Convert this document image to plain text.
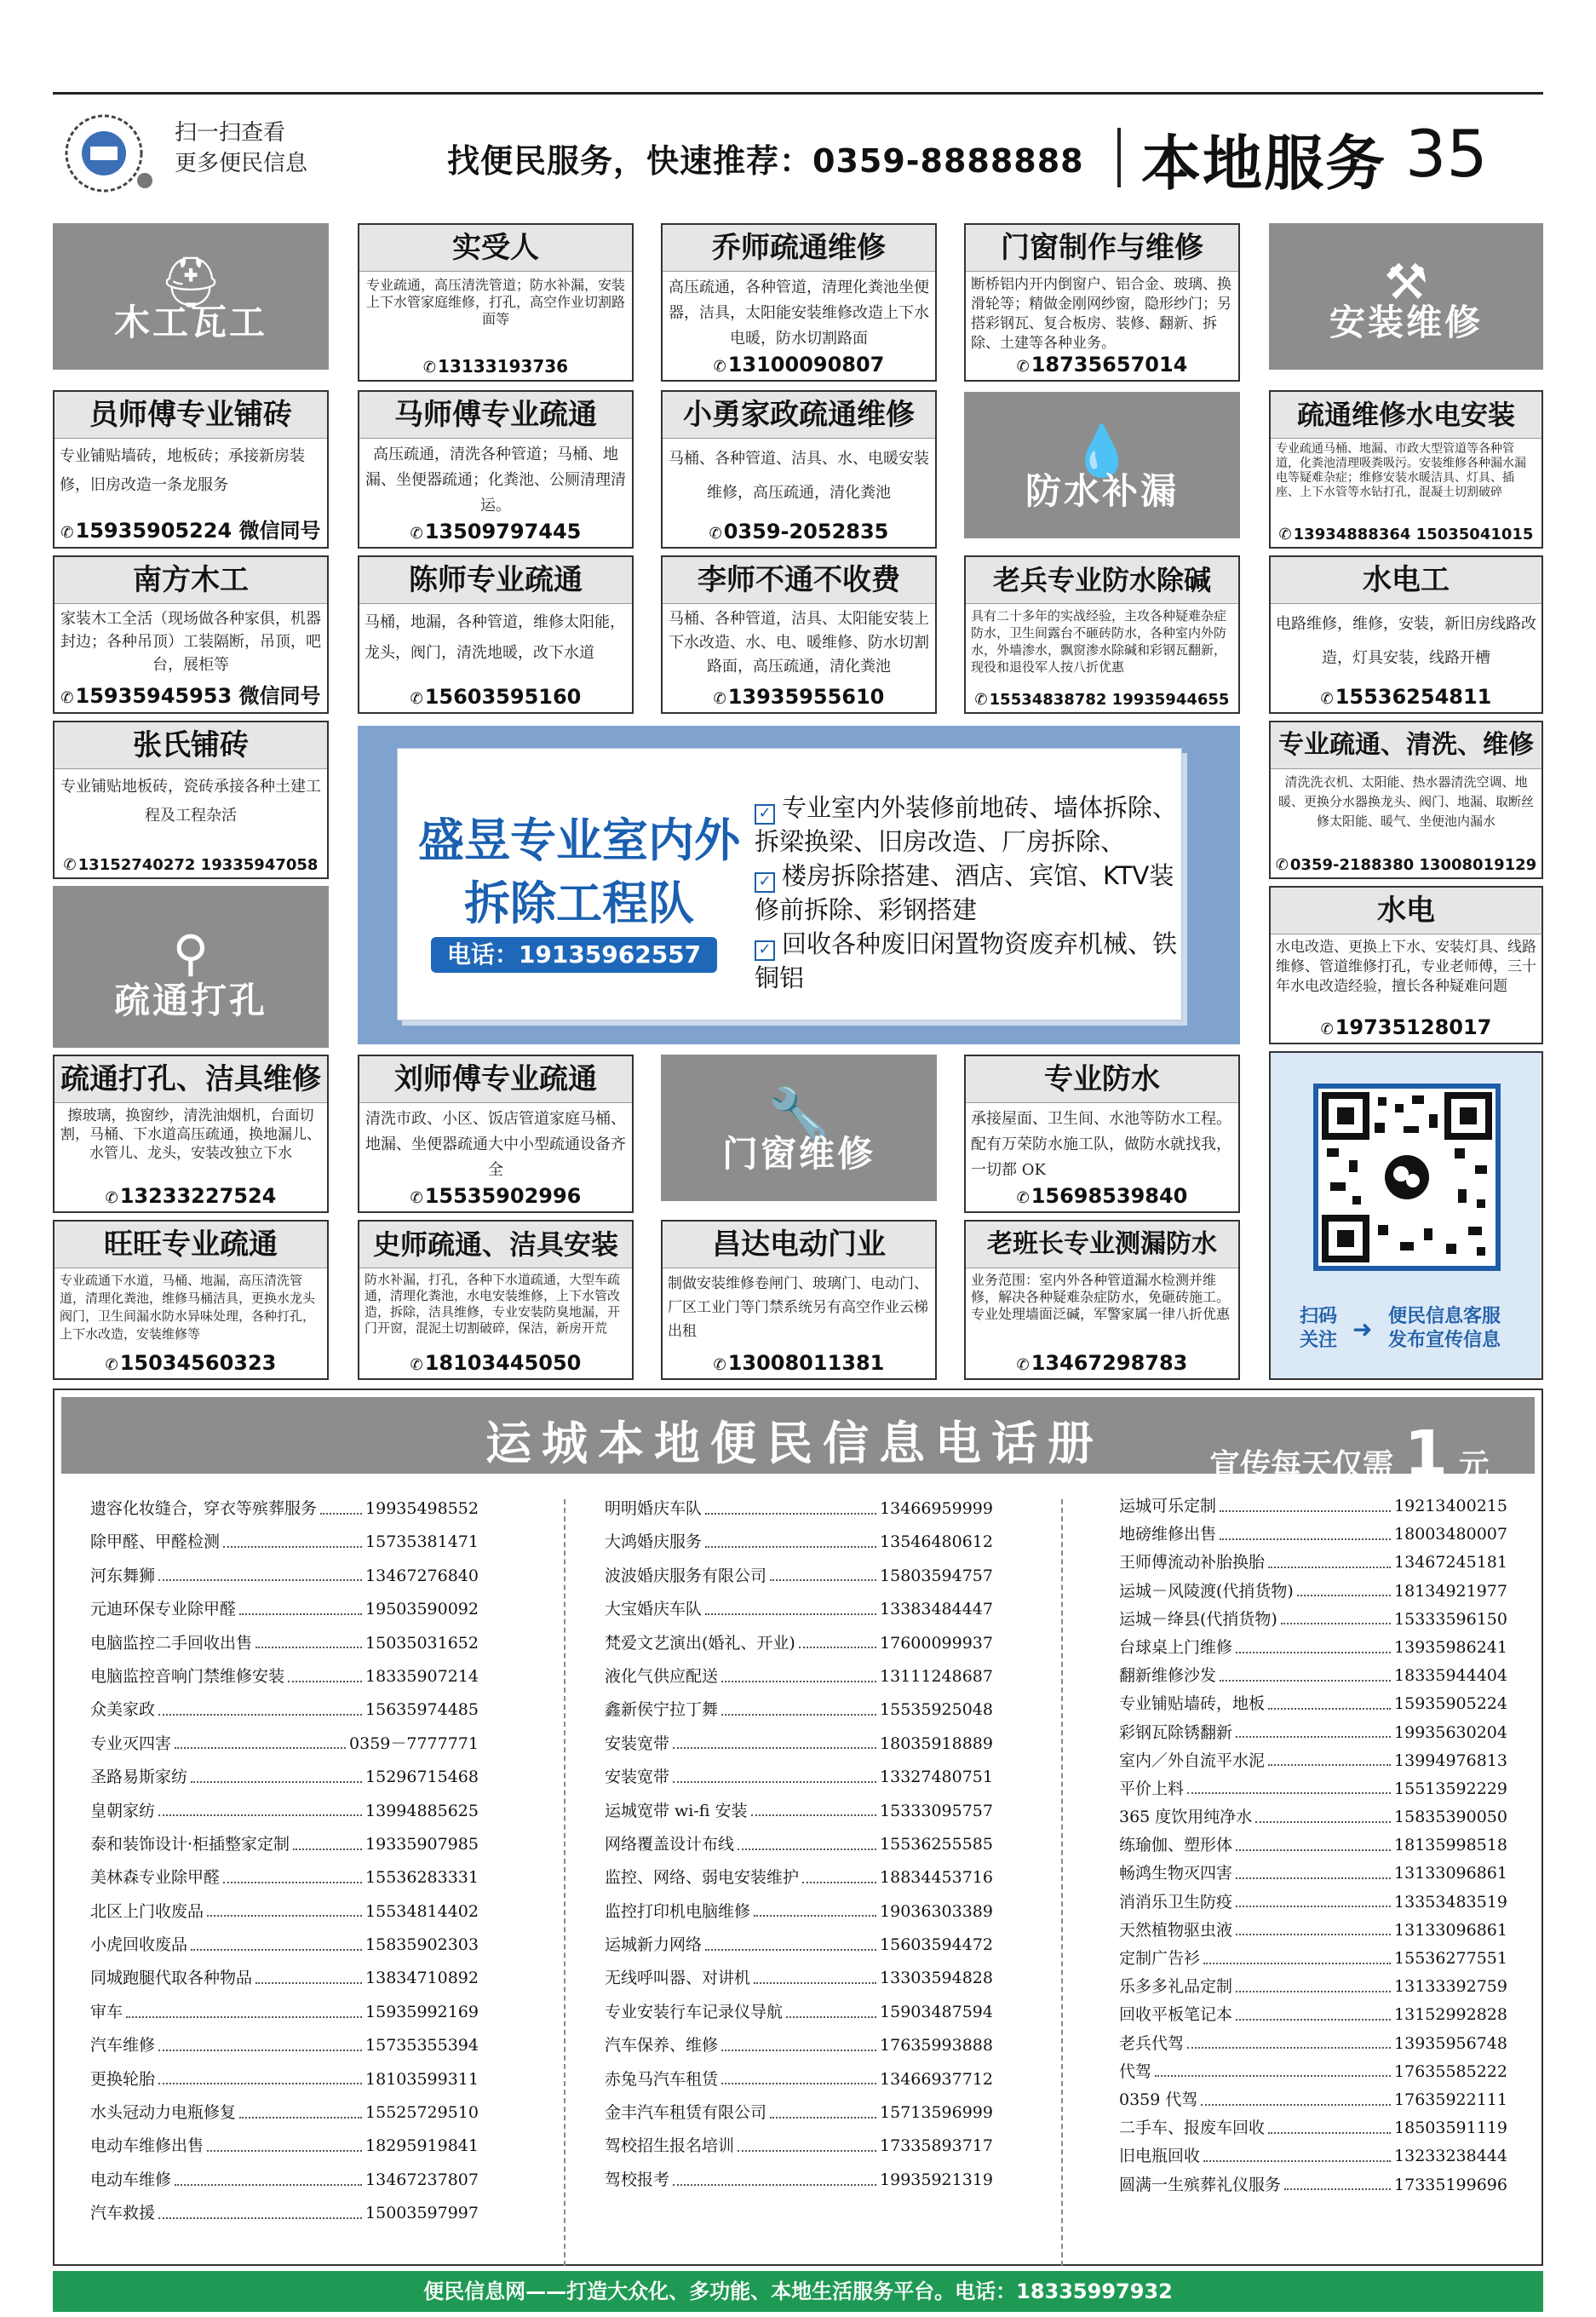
扫一扫查看
更多便民信息	找便民服务，快速推荐：0359-8888888 本地服务 35
⛑
木工瓦工
⚒
安装维修
💧
防水补漏
⚲
疏通打孔
🔧
门窗维修
实受人
专业疏通，高压清洗管道；防水补漏，安装上下水管家庭维修，打孔，高空作业切割路面等
✆ 13133193736
乔师疏通维修
高压疏通，各种管道，清理化粪池坐便器，洁具，太阳能安装维修改造上下水电暖，防水切割路面
✆13100090807
门窗制作与维修
断桥铝内开内倒窗户、铝合金、玻璃、换滑轮等；精做金刚网纱窗，隐形纱门；另搭彩钢瓦、复合板房、装修、翻新、拆除、土建等各种业务。
✆18735657014
员师傅专业铺砖
专业铺贴墙砖，地板砖；承接新房装修，旧房改造一条龙服务
✆15935905224 微信同号
马师傅专业疏通
高压疏通，清洗各种管道；马桶、地漏、坐便器疏通；化粪池、公厕清理清运。
✆13509797445
小勇家政疏通维修
马桶、各种管道、洁具、水、电暖安装维修，高压疏通，清化粪池
✆0359-2052835
疏通维修水电安装
专业疏通马桶、地漏、市政大型管道等各种管道，化粪池清理吸粪吸污。安装维修各种漏水漏电等疑难杂症；维修安装水暖洁具、灯具、插座、上下水管等水钻打孔，混凝土切割破碎
✆ 13934888364 15035041015
南方木工
家装木工全活（现场做各种家俱，机器封边；各种吊顶）工装隔断，吊顶，吧台，展柜等
✆15935945953 微信同号
陈师专业疏通
马桶，地漏，各种管道，维修太阳能，龙头，阀门，清洗地暖，改下水道
✆15603595160
李师不通不收费
马桶、各种管道，洁具、太阳能安装上下水改造、水、电、暖维修、防水切割路面，高压疏通，清化粪池
✆13935955610
老兵专业防水除碱
具有二十多年的实战经验，主攻各种疑难杂症防水，卫生间露台不砸砖防水，各种室内外防水，外墙渗水，飘窗渗水除碱和彩钢瓦翻新，现役和退役军人按八折优惠
✆ 15534838782 19935944655
水电工
电路维修，维修，安装，新旧房线路改造，灯具安装，线路开槽
✆15536254811
张氏铺砖
专业铺贴地板砖，瓷砖承接各种土建工程及工程杂活
✆ 13152740272 19335947058
专业疏通、清洗、维修
清洗洗衣机、太阳能、热水器清洗空调、地暖、更换分水器换龙头、阀门、地漏、取断丝修太阳能、暖气、坐便池内漏水
✆ 0359-2188380 13008019129
水电
水电改造、更换上下水、安装灯具、线路维修、管道维修打孔，专业老师傅，三十年水电改造经验，擅长各种疑难问题
✆19735128017
盛昱专业室内外
拆除工程队
电话：19135962557
✓ 专业室内外装修前地砖、墙体拆除、拆梁换梁、旧房改造、厂房拆除、
✓ 楼房拆除搭建、酒店、宾馆、KTV装修前拆除、彩钢搭建
✓ 回收各种废旧闲置物资废弃机械、铁铜铝
疏通打孔、洁具维修
擦玻璃，换窗纱，清洗油烟机，台面切割，马桶、下水道高压疏通，换地漏儿、水管儿、龙头，安装改独立下水
✆13233227524
刘师傅专业疏通
清洗市政、小区、饭店管道家庭马桶、地漏、坐便器疏通大中小型疏通设备齐全
✆15535902996
专业防水
承接屋面、卫生间、水池等防水工程。配有万荣防水施工队，做防水就找我，一切都 OK
✆15698539840
旺旺专业疏通
专业疏通下水道，马桶、地漏，高压清洗管道，清理化粪池，维修马桶洁具，更换水龙头阀门，卫生间漏水防水异味处理，各种打孔，上下水改造，安装维修等
✆15034560323
史师疏通、洁具安装
防水补漏，打孔，各种下水道疏通，大型车疏通，清理化粪池，水电安装维修，上下水管改造，拆除，洁具维修，专业安装防臭地漏，开门开窗，混泥土切割破碎，保洁，新房开荒
✆18103445050
昌达电动门业
制做安装维修卷闸门、玻璃门、电动门、厂区工业门等门禁系统另有高空作业云梯出租
✆13008011381
老班长专业测漏防水
业务范围：室内外各种管道漏水检测并维修，解决各种疑难杂症防水，免砸砖施工。专业处理墙面泛碱，军警家属一律八折优惠
✆13467298783
扫码
关注
便民信息客服
发布宣传信息
➜
运城本地便民信息电话册	宣传每天仅需 1 元
遗容化妆缝合，穿衣等殡葬服务	19935498552
除甲醛、甲醛检测	15735381471
河东舞狮	13467276840
元迪环保专业除甲醛	19503590092
电脑监控二手回收出售	15035031652
电脑监控音响门禁维修安装	18335907214
众美家政	15635974485
专业灭四害	0359－7777771
圣路易斯家纺	15296715468
皇朝家纺	13994885625
泰和装饰设计·柜插整家定制	19335907985
美林森专业除甲醛	15536283331
北区上门收废品	15534814402
小虎回收废品	15835902303
同城跑腿代取各种物品	13834710892
审车	15935992169
汽车维修	15735355394
更换轮胎	18103599311
水头冠动力电瓶修复	15525729510
电动车维修出售	18295919841
电动车维修	13467237807
汽车救援	15003597997
明明婚庆车队	13466959999
大鸿婚庆服务	13546480612
波波婚庆服务有限公司	15803594757
大宝婚庆车队	13383484447
梵爱文艺演出(婚礼、开业)	17600099937
液化气供应配送	13111248687
鑫新侯宁拉丁舞	15535925048
安装宽带	18035918889
安装宽带	13327480751
运城宽带 wi-fi 安装	15333095757
网络覆盖设计布线	15536255585
监控、网络、弱电安装维护	18834453716
监控打印机电脑维修	19036303389
运城新力网络	15603594472
无线呼叫器、对讲机	13303594828
专业安装行车记录仪导航	15903487594
汽车保养、维修	17635993888
赤兔马汽车租赁	13466937712
金丰汽车租赁有限公司	15713596999
驾校招生报名培训	17335893717
驾校报考	19935921319
运城可乐定制	19213400215
地磅维修出售	18003480007
王师傅流动补胎换胎	13467245181
运城－风陵渡(代捎货物)	18134921977
运城－绛县(代捎货物)	15333596150
台球桌上门维修	13935986241
翻新维修沙发	18335944404
专业铺贴墙砖，地板	15935905224
彩钢瓦除锈翻新	19935630204
室内／外自流平水泥	13994976813
平价上料	15513592229
365 度饮用纯净水	15835390050
练瑜伽、塑形体	18135998518
畅鸿生物灭四害	13133096861
消消乐卫生防疫	13353483519
天然植物驱虫液	13133096861
定制广告衫	15536277551
乐多多礼品定制	13133392759
回收平板笔记本	13152992828
老兵代驾	13935956748
代驾	17635585222
0359 代驾	17635922111
二手车、报废车回收	18503591119
旧电瓶回收	13233238444
圆满一生殡葬礼仪服务	17335199696
便民信息网——打造大众化、多功能、本地生活服务平台。电话：18335997932
